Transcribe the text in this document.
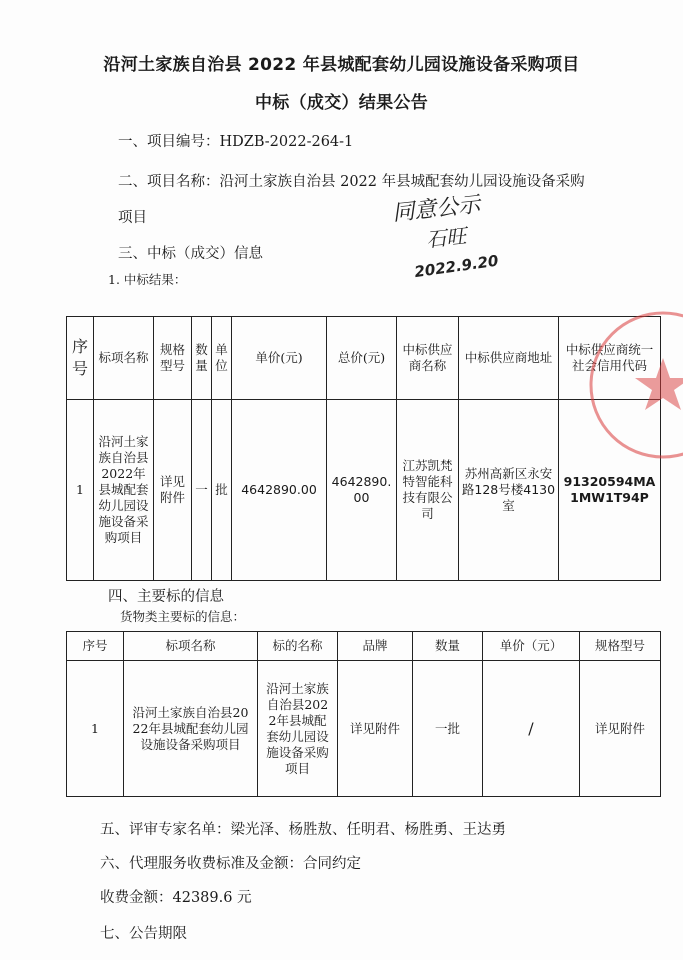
沿河土家族自治县 2022 年县城配套幼儿园设施设备采购项目
中标（成交）结果公告
一、项目编号：HDZB-2022-264-1
二、项目名称：沿河土家族自治县 2022 年县城配套幼儿园设施设备采购
项目
三、中标（成交）信息
1. 中标结果：
同意公示
石旺
2022.9.20
序号	标项名称	规格型号	数量	单位	单价(元)	总价(元)	中标供应商名称	中标供应商地址	中标供应商统一社会信用代码
1	沿河土家族自治县2022年县城配套幼儿园设施设备采购项目	详见附件	一	批	4642890.00	4642890.00	江苏凯梵特智能科技有限公司	苏州高新区永安路128号楼4130室	91320594MA1MW1T94P
四、主要标的信息
货物类主要标的信息：
序号	标项名称	标的名称	品牌	数量	单价（元）	规格型号
1	沿河土家族自治县2022年县城配套幼儿园设施设备采购项目	沿河土家族自治县2022年县城配套幼儿园设施设备采购项目	详见附件	一批	/	详见附件
五、评审专家名单：梁光泽、杨胜敖、任明君、杨胜勇、王达勇
六、代理服务收费标准及金额：合同约定
收费金额：42389.6 元
七、公告期限
